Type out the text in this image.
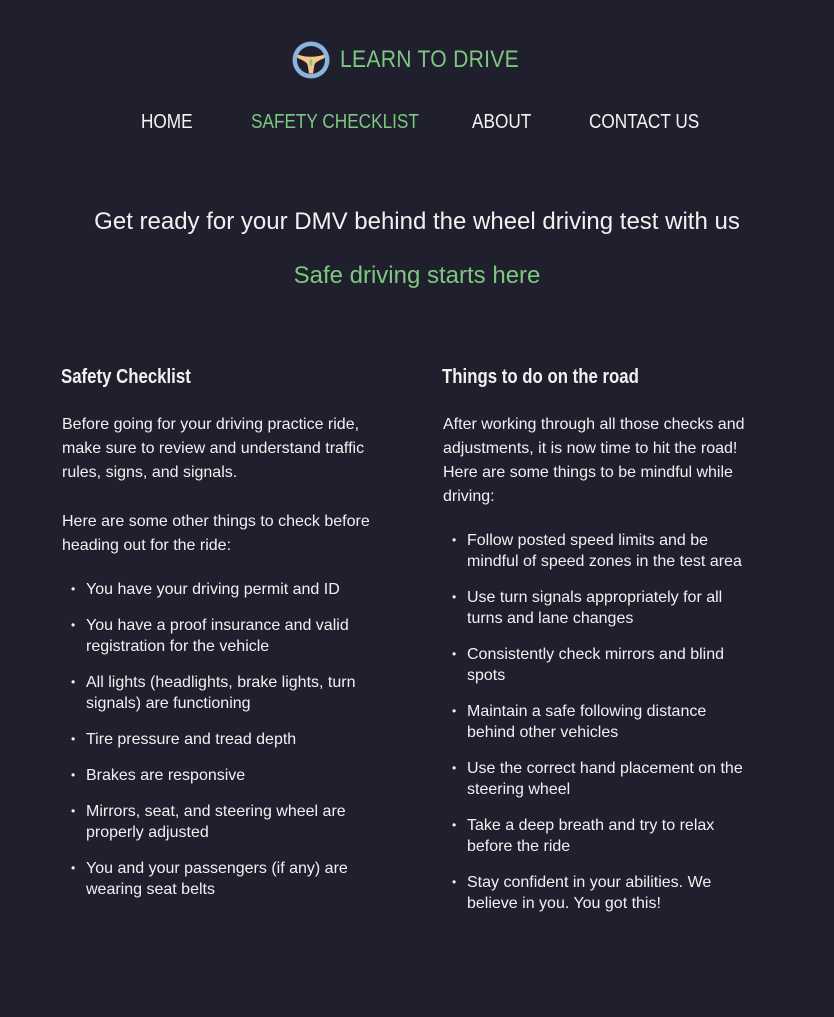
LEARN TO DRIVE
HOME	SAFETY CHECKLIST	ABOUT	CONTACT US
Get ready for your DMV behind the wheel driving test with us
Safe driving starts here
Safety Checklist

Before going for your driving practice ride, make sure to review and understand traffic rules, signs, and signals.

Here are some other things to check before heading out for the ride:

• You have your driving permit and ID
• You have a proof insurance and valid registration for the vehicle
• All lights (headlights, brake lights, turn signals) are functioning
• Tire pressure and tread depth
• Brakes are responsive
• Mirrors, seat, and steering wheel are properly adjusted
• You and your passengers (if any) are wearing seat belts
Things to do on the road

After working through all those checks and adjustments, it is now time to hit the road! Here are some things to be mindful while driving:

• Follow posted speed limits and be mindful of speed zones in the test area
• Use turn signals appropriately for all turns and lane changes
• Consistently check mirrors and blind spots
• Maintain a safe following distance behind other vehicles
• Use the correct hand placement on the steering wheel
• Take a deep breath and try to relax before the ride
• Stay confident in your abilities. We believe in you. You got this!
